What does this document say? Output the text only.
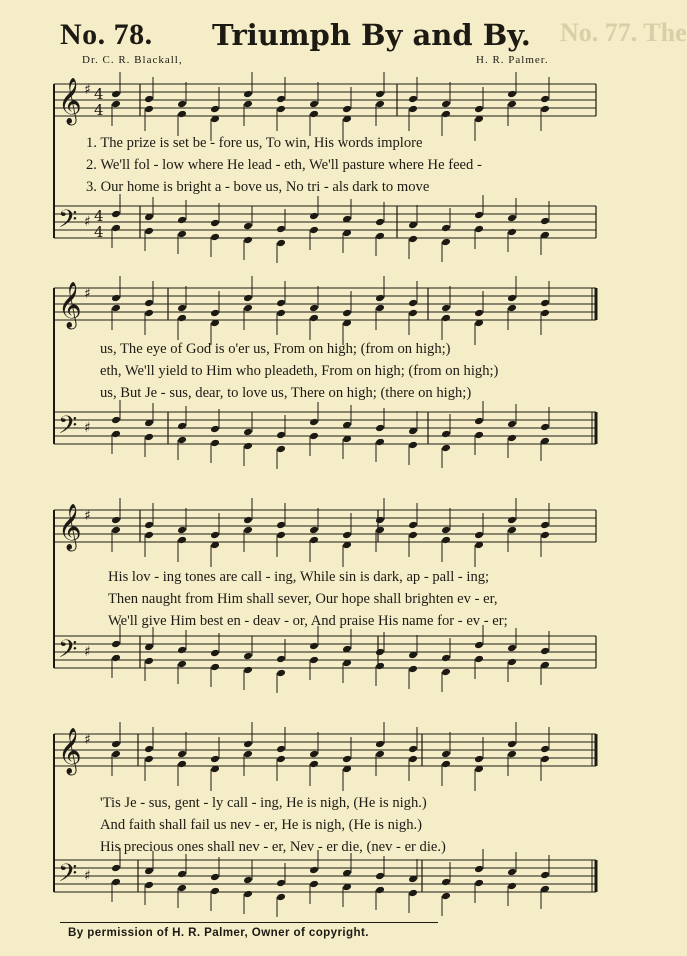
No. 77. The
No. 78. Triumph By and By.
Dr. C. R. Blackall,	H. R. Palmer.
𝄞
𝄢
♯
♯
4
4
4
4
𝄞
𝄢
♯
♯
𝄞
𝄢
♯
♯
𝄞
𝄢
♯
♯
1. The prize is set be - fore us, To win, His words implore
2. We'll fol - low where He lead - eth, We'll pasture where He feed -
3. Our home is bright a - bove us, No tri - als dark to move
us, The eye of God is o'er us, From on high; (from on high;)
eth, We'll yield to Him who pleadeth, From on high; (from on high;)
us, But Je - sus, dear, to love us, There on high; (there on high;)
His lov - ing tones are call - ing, While sin is dark, ap - pall - ing;
Then naught from Him shall sever, Our hope shall brighten ev - er,
We'll give Him best en - deav - or, And praise His name for - ev - er;
'Tis Je - sus, gent - ly call - ing, He is nigh, (He is nigh.)
And faith shall fail us nev - er, He is nigh, (He is nigh.)
His precious ones shall nev - er, Nev - er die, (nev - er die.)
By permission of H. R. Palmer, Owner of copyright.
